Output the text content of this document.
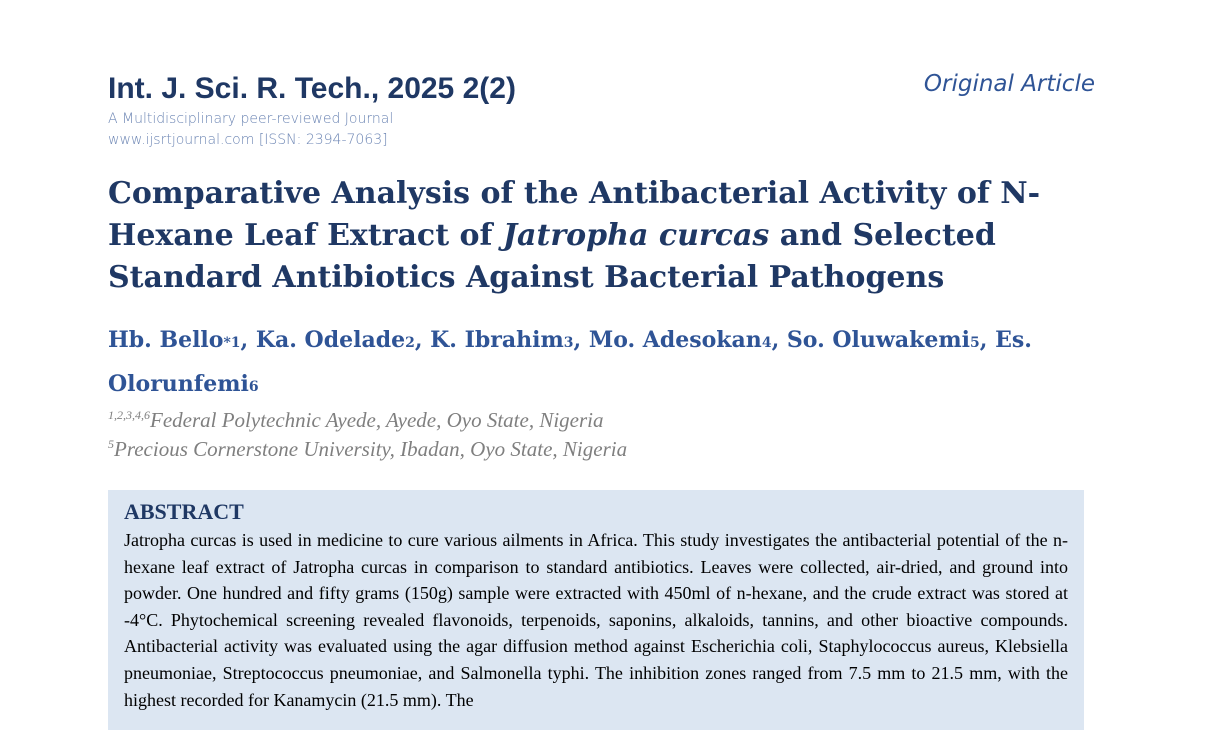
Int. J. Sci. R. Tech., 2025 2(2)
A Multidisciplinary peer-reviewed Journal
www.ijsrtjournal.com [ISSN: 2394-7063]
Original Article
Comparative Analysis of the Antibacterial Activity of N-Hexane Leaf Extract of Jatropha curcas and Selected Standard Antibiotics Against Bacterial Pathogens
Hb. Bello*1, Ka. Odelade2, K. Ibrahim3, Mo. Adesokan4, So. Oluwakemi5, Es. Olorunfemi6
$^{1,2,3,4,6}$Federal Polytechnic Ayede, Ayede, Oyo State, Nigeria
$^5$Precious Cornerstone University, Ibadan, Oyo State, Nigeria
ABSTRACT

Jatropha curcas is used in medicine to cure various ailments in Africa. This study investigates the antibacterial potential of the n-hexane leaf extract of Jatropha curcas in comparison to standard antibiotics. Leaves were collected, air-dried, and ground into powder. One hundred and fifty grams (150g) sample were extracted with 450ml of n-hexane, and the crude extract was stored at -4°C. Phytochemical screening revealed flavonoids, terpenoids, saponins, alkaloids, tannins, and other bioactive compounds. Antibacterial activity was evaluated using the agar diffusion method against Escherichia coli, Staphylococcus aureus, Klebsiella pneumoniae, Streptococcus pneumoniae, and Salmonella typhi. The inhibition zones ranged from 7.5 mm to 21.5 mm, with the highest recorded for Kanamycin (21.5 mm). The
